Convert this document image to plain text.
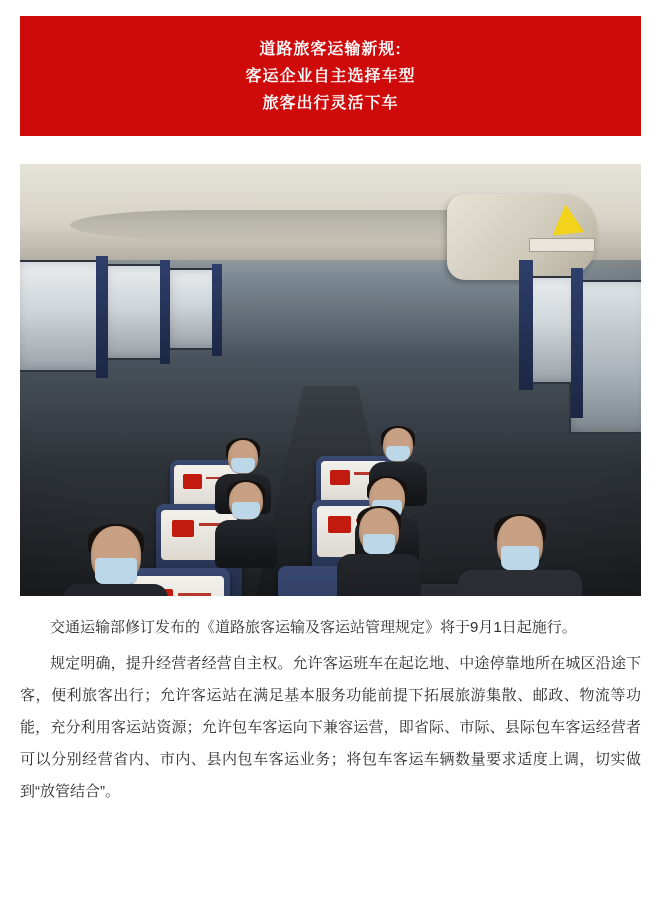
道路旅客运输新规:
客运企业自主选择车型
旅客出行灵活下车

交通运输部修订发布的《道路旅客运输及客运站管理规定》将于9月1日起施行。

规定明确，提升经营者经营自主权。允许客运班车在起讫地、中途停靠地所在城区沿途下客，便利旅客出行；允许客运站在满足基本服务功能前提下拓展旅游集散、邮政、物流等功能，充分利用客运站资源；允许包车客运向下兼容运营，即省际、市际、县际包车客运经营者可以分别经营省内、市内、县内包车客运业务；将包车客运车辆数量要求适度上调，切实做到“放管结合”。
